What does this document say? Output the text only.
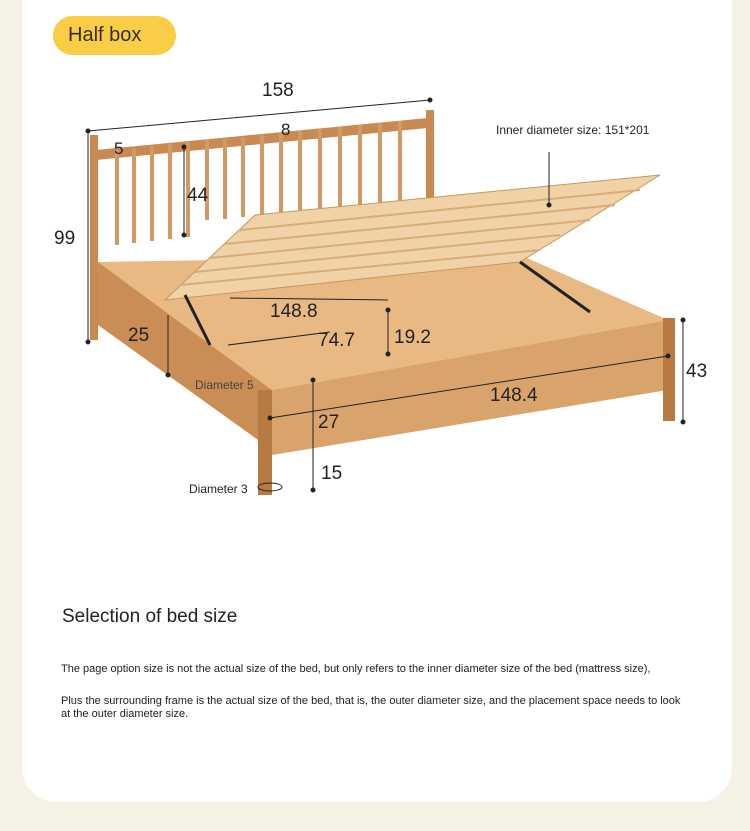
Half box
158
5
8
44
99
Inner diameter size: 151*201
148.8
74.7 19.2
25
Diameter 5	148.4
43
27
15
Diameter 3
Selection of bed size
The page option size is not the actual size of the bed, but only refers to the inner diameter size of the bed (mattress size),
Plus the surrounding frame is the actual size of the bed, that is, the outer diameter size, and the placement space needs to look at the outer diameter size.
